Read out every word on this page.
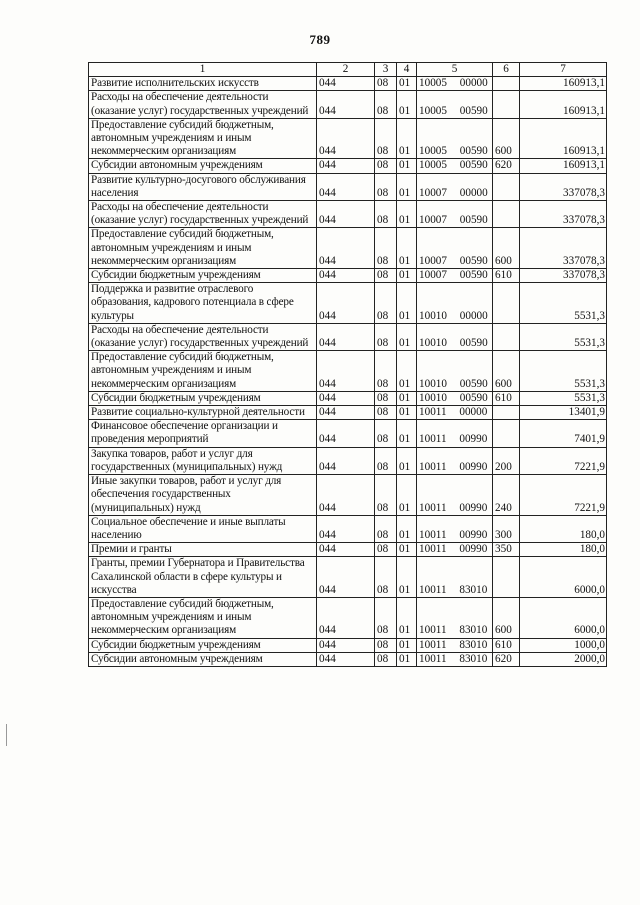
789
1	2	3	4	5	6	7
Развитие исполнительских искусств	044	08	01	10005 00000		160913,1
Расходы на обеспечение деятельности (оказание услуг) государственных учреждений	044	08	01	10005 00590		160913,1
Предоставление субсидий бюджетным, автономным учреждениям и иным некоммерческим организациям	044	08	01	10005 00590	600	160913,1
Субсидии автономным учреждениям	044	08	01	10005 00590	620	160913,1
Развитие культурно-досугового обслуживания населения	044	08	01	10007 00000		337078,3
Расходы на обеспечение деятельности (оказание услуг) государственных учреждений	044	08	01	10007 00590		337078,3
Предоставление субсидий бюджетным, автономным учреждениям и иным некоммерческим организациям	044	08	01	10007 00590	600	337078,3
Субсидии бюджетным учреждениям	044	08	01	10007 00590	610	337078,3
Поддержка и развитие отраслевого образования, кадрового потенциала в сфере культуры	044	08	01	10010 00000		5531,3
Расходы на обеспечение деятельности (оказание услуг) государственных учреждений	044	08	01	10010 00590		5531,3
Предоставление субсидий бюджетным, автономным учреждениям и иным некоммерческим организациям	044	08	01	10010 00590	600	5531,3
Субсидии бюджетным учреждениям	044	08	01	10010 00590	610	5531,3
Развитие социально-культурной деятельности	044	08	01	10011 00000		13401,9
Финансовое обеспечение организации и проведения мероприятий	044	08	01	10011 00990		7401,9
Закупка товаров, работ и услуг для государственных (муниципальных) нужд	044	08	01	10011 00990	200	7221,9
Иные закупки товаров, работ и услуг для обеспечения государственных (муниципальных) нужд	044	08	01	10011 00990	240	7221,9
Социальное обеспечение и иные выплаты населению	044	08	01	10011 00990	300	180,0
Премии и гранты	044	08	01	10011 00990	350	180,0
Гранты, премии Губернатора и Правительства Сахалинской области в сфере культуры и искусства	044	08	01	10011 83010		6000,0
Предоставление субсидий бюджетным, автономным учреждениям и иным некоммерческим организациям	044	08	01	10011 83010	600	6000,0
Субсидии бюджетным учреждениям	044	08	01	10011 83010	610	1000,0
Субсидии автономным учреждениям	044	08	01	10011 83010	620	2000,0
